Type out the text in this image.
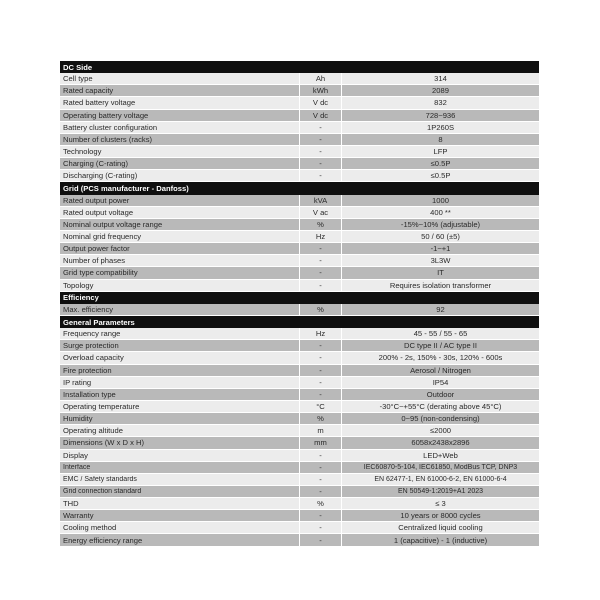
DC Side
Cell type	Ah	314
Rated capacity	kWh	2089
Rated battery voltage	V dc	832
Operating battery voltage	V dc	728~936
Battery cluster configuration	-	1P260S
Number of clusters (racks)	-	8
Technology	-	LFP
Charging (C-rating)	-	≤0.5P
Discharging (C-rating)	-	≤0.5P
Grid (PCS manufacturer - Danfoss)
Rated output power	kVA	1000
Rated output voltage	V ac	400 **
Nominal output voltage range	%	-15%~10% (adjustable)
Nominal grid frequency	Hz	50 / 60 (±5)
Output power factor	-	-1~+1
Number of phases	-	3L3W
Grid type compatibility	-	IT
Topology	-	Requires isolation transformer
Efficiency
Max. efficiency	%	92
General Parameters
Frequency range	Hz	45 - 55 / 55 - 65
Surge protection	-	DC type II / AC type II
Overload capacity	-	200% - 2s, 150% - 30s, 120% - 600s
Fire protection	-	Aerosol / Nitrogen
IP rating	-	IP54
Installation type	-	Outdoor
Operating temperature	°C	-30°C~+55°C (derating above 45°C)
Humidity	%	0~95 (non-condensing)
Operating altitude	m	≤2000
Dimensions (W x D x H)	mm	6058x2438x2896
Display	-	LED+Web
Interface	-	IEC60870-5-104, IEC61850, ModBus TCP, DNP3
EMC / Safety standards	-	EN 62477-1, EN 61000-6-2, EN 61000-6-4
Grid connection standard	-	EN 50549-1:2019+A1 2023
THD	%	≤ 3
Warranty	-	10 years or 8000 cycles
Cooling method	-	Centralized liquid cooling
Energy efficiency range	-	1 (capacitive) - 1 (inductive)
